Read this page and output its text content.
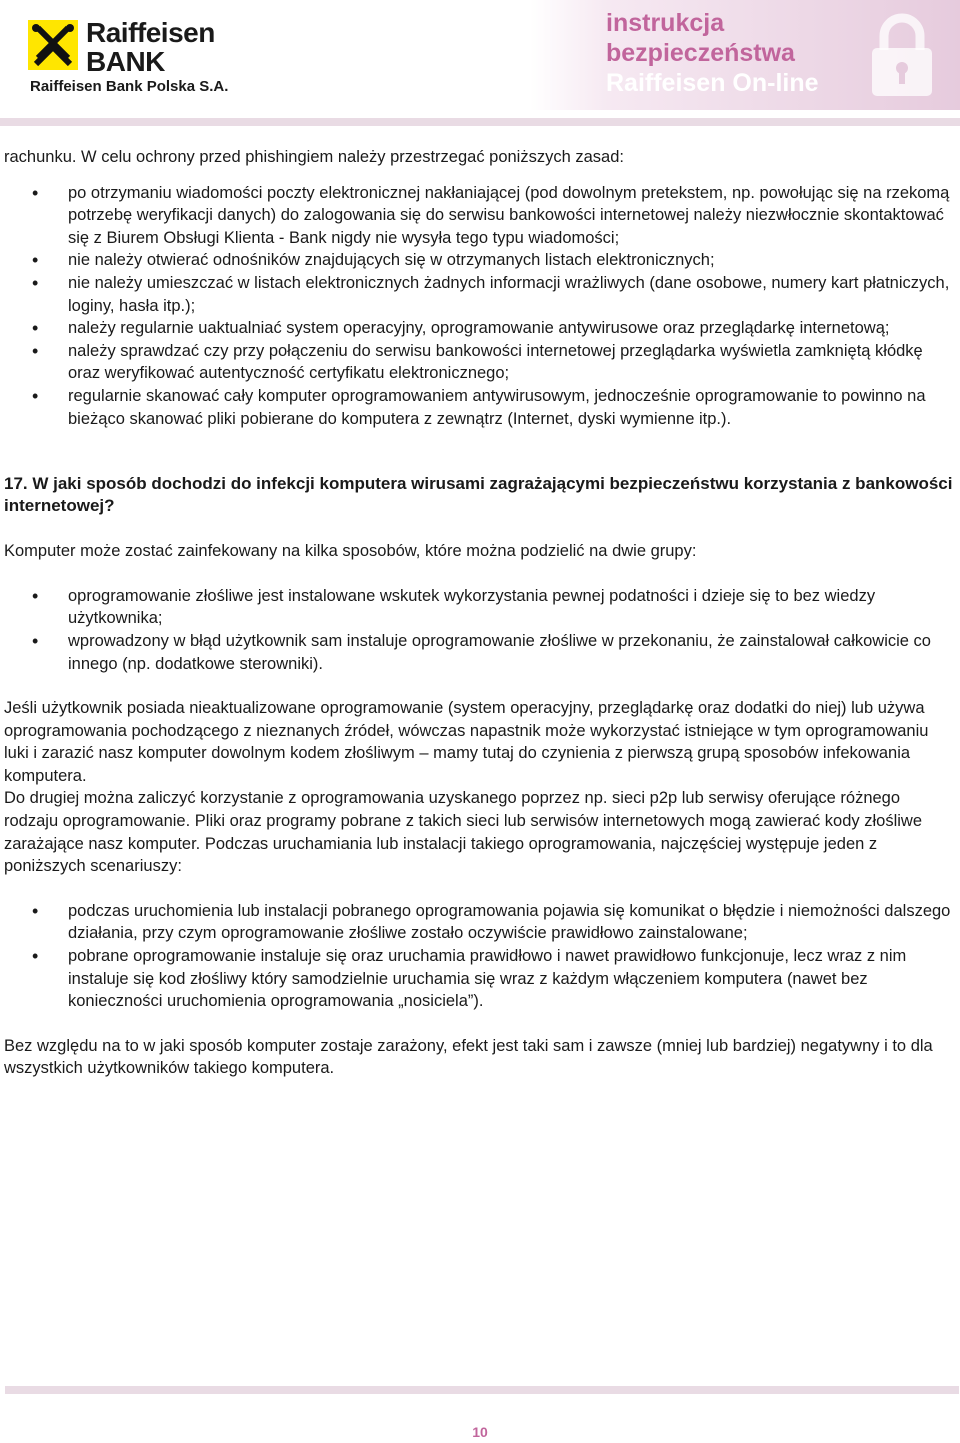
Raiffeisen
BANK
Raiffeisen Bank Polska S.A.
instrukcja
bezpieczeństwa
Raiffeisen On-line

rachunku. W celu ochrony przed phishingiem należy przestrzegać poniższych zasad:

• po otrzymaniu wiadomości poczty elektronicznej nakłaniającej (pod dowolnym pretekstem, np. powołując się na rzekomą potrzebę weryfikacji danych) do zalogowania się do serwisu bankowości internetowej należy niezwłocznie skontaktować się z Biurem Obsługi Klienta - Bank nigdy nie wysyła tego typu wiadomości;
• nie należy otwierać odnośników znajdujących się w otrzymanych listach elektronicznych;
• nie należy umieszczać w listach elektronicznych żadnych informacji wrażliwych (dane osobowe, numery kart płatniczych, loginy, hasła itp.);
• należy regularnie uaktualniać system operacyjny, oprogramowanie antywirusowe oraz przeglądarkę internetową;
• należy sprawdzać czy przy połączeniu do serwisu bankowości internetowej przeglądarka wyświetla zamkniętą kłódkę oraz weryfikować autentyczność certyfikatu elektronicznego;
• regularnie skanować cały komputer oprogramowaniem antywirusowym, jednocześnie oprogramowanie to powinno na bieżąco skanować pliki pobierane do komputera z zewnątrz (Internet, dyski wymienne itp.).

17. W jaki sposób dochodzi do infekcji komputera wirusami zagrażającymi bezpieczeństwu korzystania z bankowości internetowej?

Komputer może zostać zainfekowany na kilka sposobów, które można podzielić na dwie grupy:

• oprogramowanie złośliwe jest instalowane wskutek wykorzystania pewnej podatności i dzieje się to bez wiedzy użytkownika;
• wprowadzony w błąd użytkownik sam instaluje oprogramowanie złośliwe w przekonaniu, że zainstalował całkowicie co innego (np. dodatkowe sterowniki).

Jeśli użytkownik posiada nieaktualizowane oprogramowanie (system operacyjny, przeglądarkę oraz dodatki do niej) lub używa oprogramowania pochodzącego z nieznanych źródeł, wówczas napastnik może wykorzystać istniejące w tym oprogramowaniu luki i zarazić nasz komputer dowolnym kodem złośliwym – mamy tutaj do czynienia z pierwszą grupą sposobów infekowania komputera.

Do drugiej można zaliczyć korzystanie z oprogramowania uzyskanego poprzez np. sieci p2p lub serwisy oferujące różnego rodzaju oprogramowanie. Pliki oraz programy pobrane z takich sieci lub serwisów internetowych mogą zawierać kody złośliwe zarażające nasz komputer. Podczas uruchamiania lub instalacji takiego oprogramowania, najczęściej występuje jeden z poniższych scenariuszy:

• podczas uruchomienia lub instalacji pobranego oprogramowania pojawia się komunikat o błędzie i niemożności dalszego działania, przy czym oprogramowanie złośliwe zostało oczywiście prawidłowo zainstalowane;
• pobrane oprogramowanie instaluje się oraz uruchamia prawidłowo i nawet prawidłowo funkcjonuje, lecz wraz z nim instaluje się kod złośliwy który samodzielnie uruchamia się wraz z każdym włączeniem komputera (nawet bez konieczności uruchomienia oprogramowania „nosiciela”).

Bez względu na to w jaki sposób komputer zostaje zarażony, efekt jest taki sam i zawsze (mniej lub bardziej) negatywny i to dla wszystkich użytkowników takiego komputera.

10
